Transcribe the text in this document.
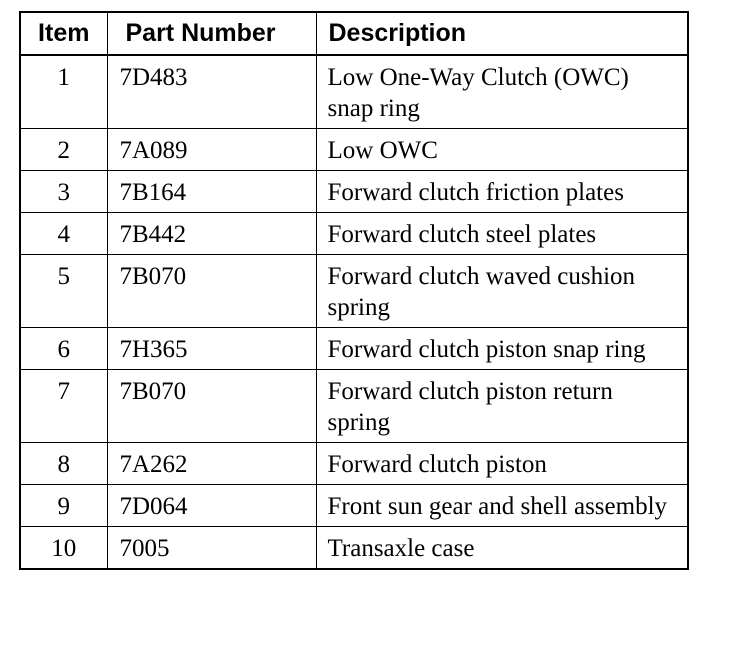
Item	Part Number	Description
1	7D483	Low One-Way Clutch (OWC) snap ring
2	7A089	Low OWC
3	7B164	Forward clutch friction plates
4	7B442	Forward clutch steel plates
5	7B070	Forward clutch waved cushion spring
6	7H365	Forward clutch piston snap ring
7	7B070	Forward clutch piston return spring
8	7A262	Forward clutch piston
9	7D064	Front sun gear and shell assembly
10	7005	Transaxle case
